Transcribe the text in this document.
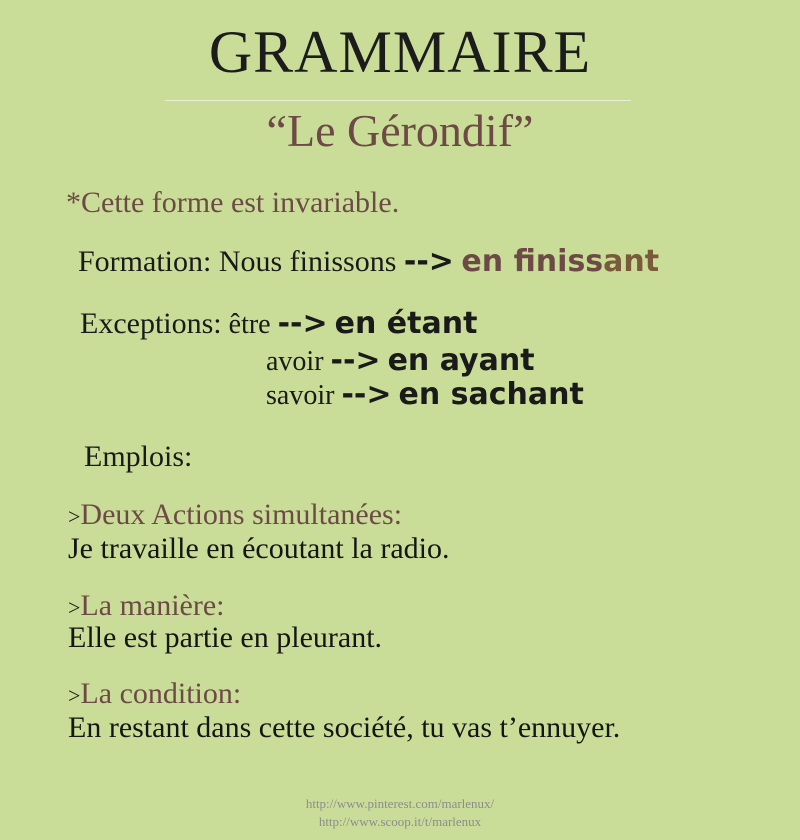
GRAMMAIRE
“Le Gérondif”
*Cette forme est invariable.
Formation: Nous finissons --> en finissant
Exceptions: être --> en étant
avoir --> en ayant
savoir --> en sachant
Emplois:
>Deux Actions simultanées:
Je travaille en écoutant la radio.
>La manière:
Elle est partie en pleurant.
>La condition:
En restant dans cette société, tu vas t’ennuyer.
http://www.pinterest.com/marlenux/
http://www.scoop.it/t/marlenux
